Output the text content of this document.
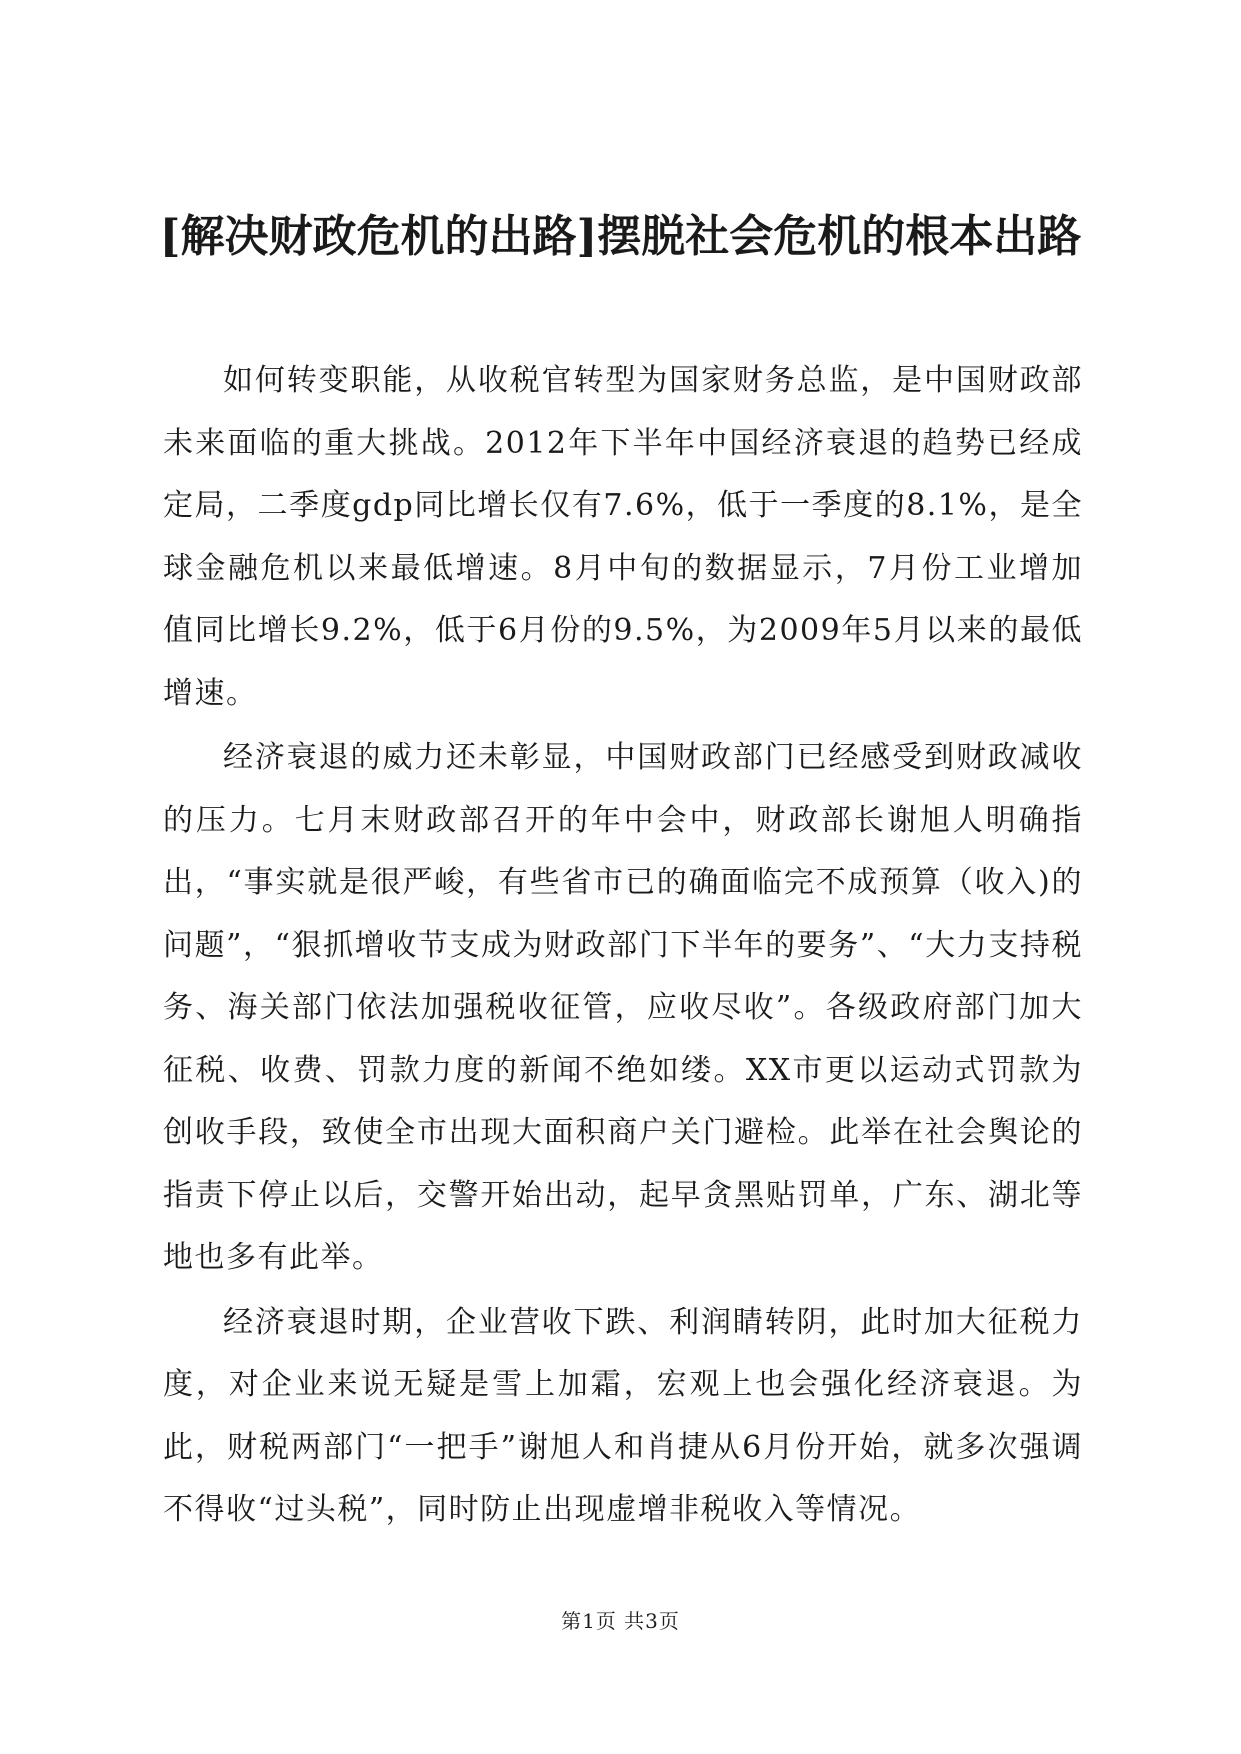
[解决财政危机的出路]摆脱社会危机的根本出路

如何转变职能，从收税官转型为国家财务总监，是中国财政部未来面临的重大挑战。2012年下半年中国经济衰退的趋势已经成定局，二季度gdp同比增长仅有7.6%，低于一季度的8.1%，是全球金融危机以来最低增速。8月中旬的数据显示，7月份工业增加值同比增长9.2%，低于6月份的9.5%，为2009年5月以来的最低增速。

经济衰退的威力还未彰显，中国财政部门已经感受到财政减收的压力。七月末财政部召开的年中会中，财政部长谢旭人明确指出，“事实就是很严峻，有些省市已的确面临完不成预算（收入)的问题”，“狠抓增收节支成为财政部门下半年的要务”、“大力支持税务、海关部门依法加强税收征管，应收尽收”。各级政府部门加大征税、收费、罚款力度的新闻不绝如缕。XX市更以运动式罚款为创收手段，致使全市出现大面积商户关门避检。此举在社会舆论的指责下停止以后，交警开始出动，起早贪黑贴罚单，广东、湖北等地也多有此举。

经济衰退时期，企业营收下跌、利润睛转阴，此时加大征税力度，对企业来说无疑是雪上加霜，宏观上也会强化经济衰退。为此，财税两部门“一把手”谢旭人和肖捷从6月份开始，就多次强调不得收“过头税”，同时防止出现虚增非税收入等情况。

第1页 共3页
